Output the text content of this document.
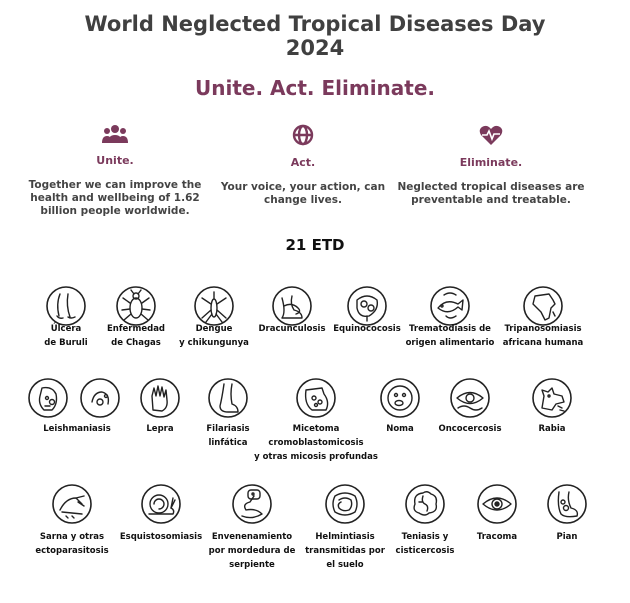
World Neglected Tropical Diseases Day
2024
Unite. Act. Eliminate.
Unite.
Together we can improve the health and wellbeing of 1.62 billion people worldwide.
Act.
Your voice, your action, can change lives.
Eliminate.
Neglected tropical diseases are preventable and treatable.
21 ETD
Úlcera
de Buruli
Enfermedad
de Chagas
Dengue
y chikungunya
Dracunculosis Equinococosis Trematodiasis de
origen alimentario
Tripanosomiasis
africana humana
Leishmaniasis	Lepra	Filariasis
linfática
Micetoma
cromoblastomicosis
y otras micosis profundas
Noma	Oncocercosis	Rabia
Sarna y otras
ectoparasitosis
Esquistosomiasis	Envenenamiento
por mordedura de
serpiente
Helmintiasis
transmitidas por
el suelo
Teniasis y
cisticercosis
Tracoma	Pian
